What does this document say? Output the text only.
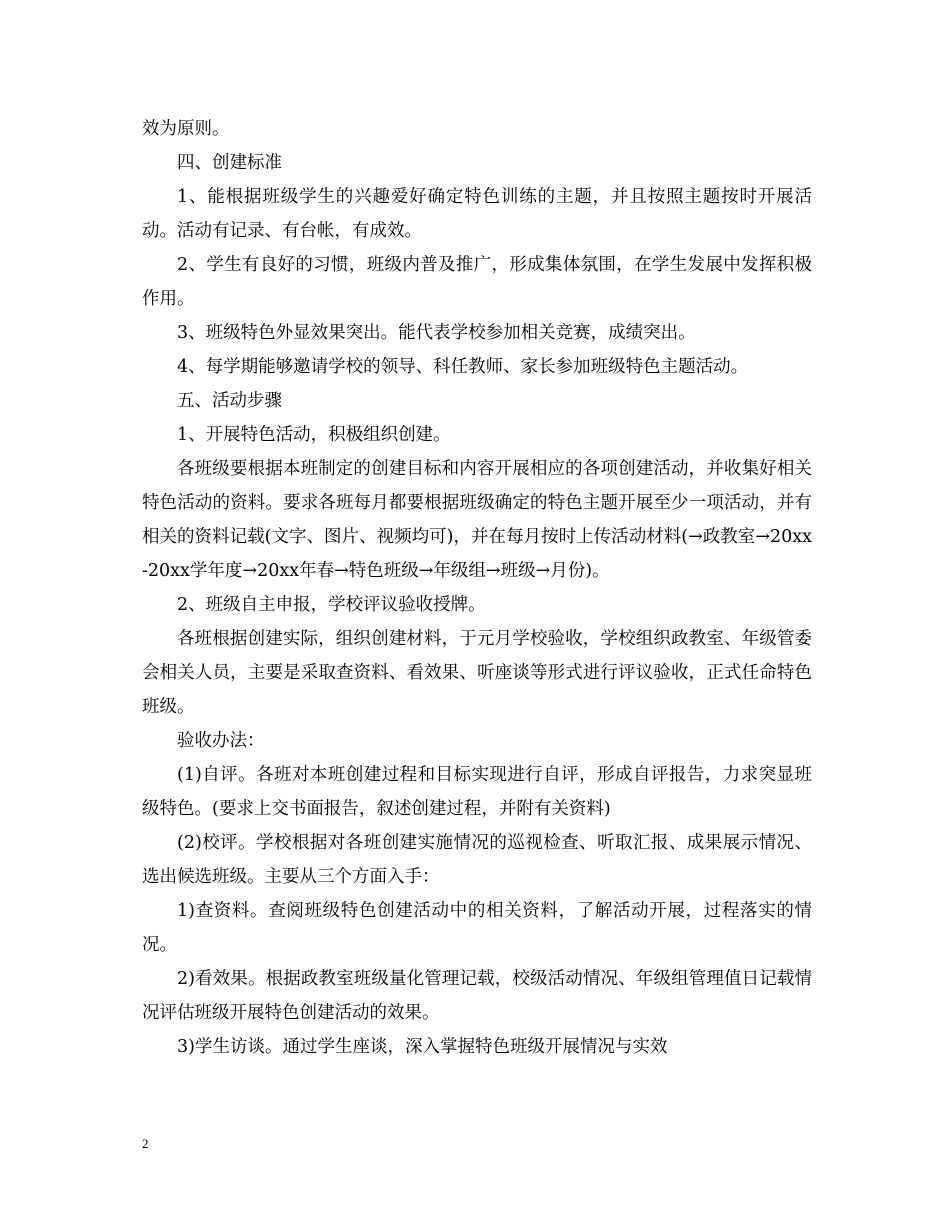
效为原则。

四、创建标准

1、能根据班级学生的兴趣爱好确定特色训练的主题，并且按照主题按时开展活动。活动有记录、有台帐，有成效。

2、学生有良好的习惯，班级内普及推广，形成集体氛围，在学生发展中发挥积极作用。

3、班级特色外显效果突出。能代表学校参加相关竞赛，成绩突出。

4、每学期能够邀请学校的领导、科任教师、家长参加班级特色主题活动。

五、活动步骤

1、开展特色活动，积极组织创建。

各班级要根据本班制定的创建目标和内容开展相应的各项创建活动，并收集好相关特色活动的资料。要求各班每月都要根据班级确定的特色主题开展至少一项活动，并有相关的资料记载(文字、图片、视频均可)，并在每月按时上传活动材料(→政教室→20xx-20xx学年度→20xx年春→特色班级→年级组→班级→月份)。

2、班级自主申报，学校评议验收授牌。

各班根据创建实际，组织创建材料，于元月学校验收，学校组织政教室、年级管委会相关人员，主要是采取查资料、看效果、听座谈等形式进行评议验收，正式任命特色班级。

验收办法：

(1)自评。各班对本班创建过程和目标实现进行自评，形成自评报告，力求突显班级特色。(要求上交书面报告，叙述创建过程，并附有关资料)

(2)校评。学校根据对各班创建实施情况的巡视检查、听取汇报、成果展示情况、选出候选班级。主要从三个方面入手：

1)查资料。查阅班级特色创建活动中的相关资料，了解活动开展，过程落实的情况。

2)看效果。根据政教室班级量化管理记载，校级活动情况、年级组管理值日记载情况评估班级开展特色创建活动的效果。

3)学生访谈。通过学生座谈，深入掌握特色班级开展情况与实效

2
